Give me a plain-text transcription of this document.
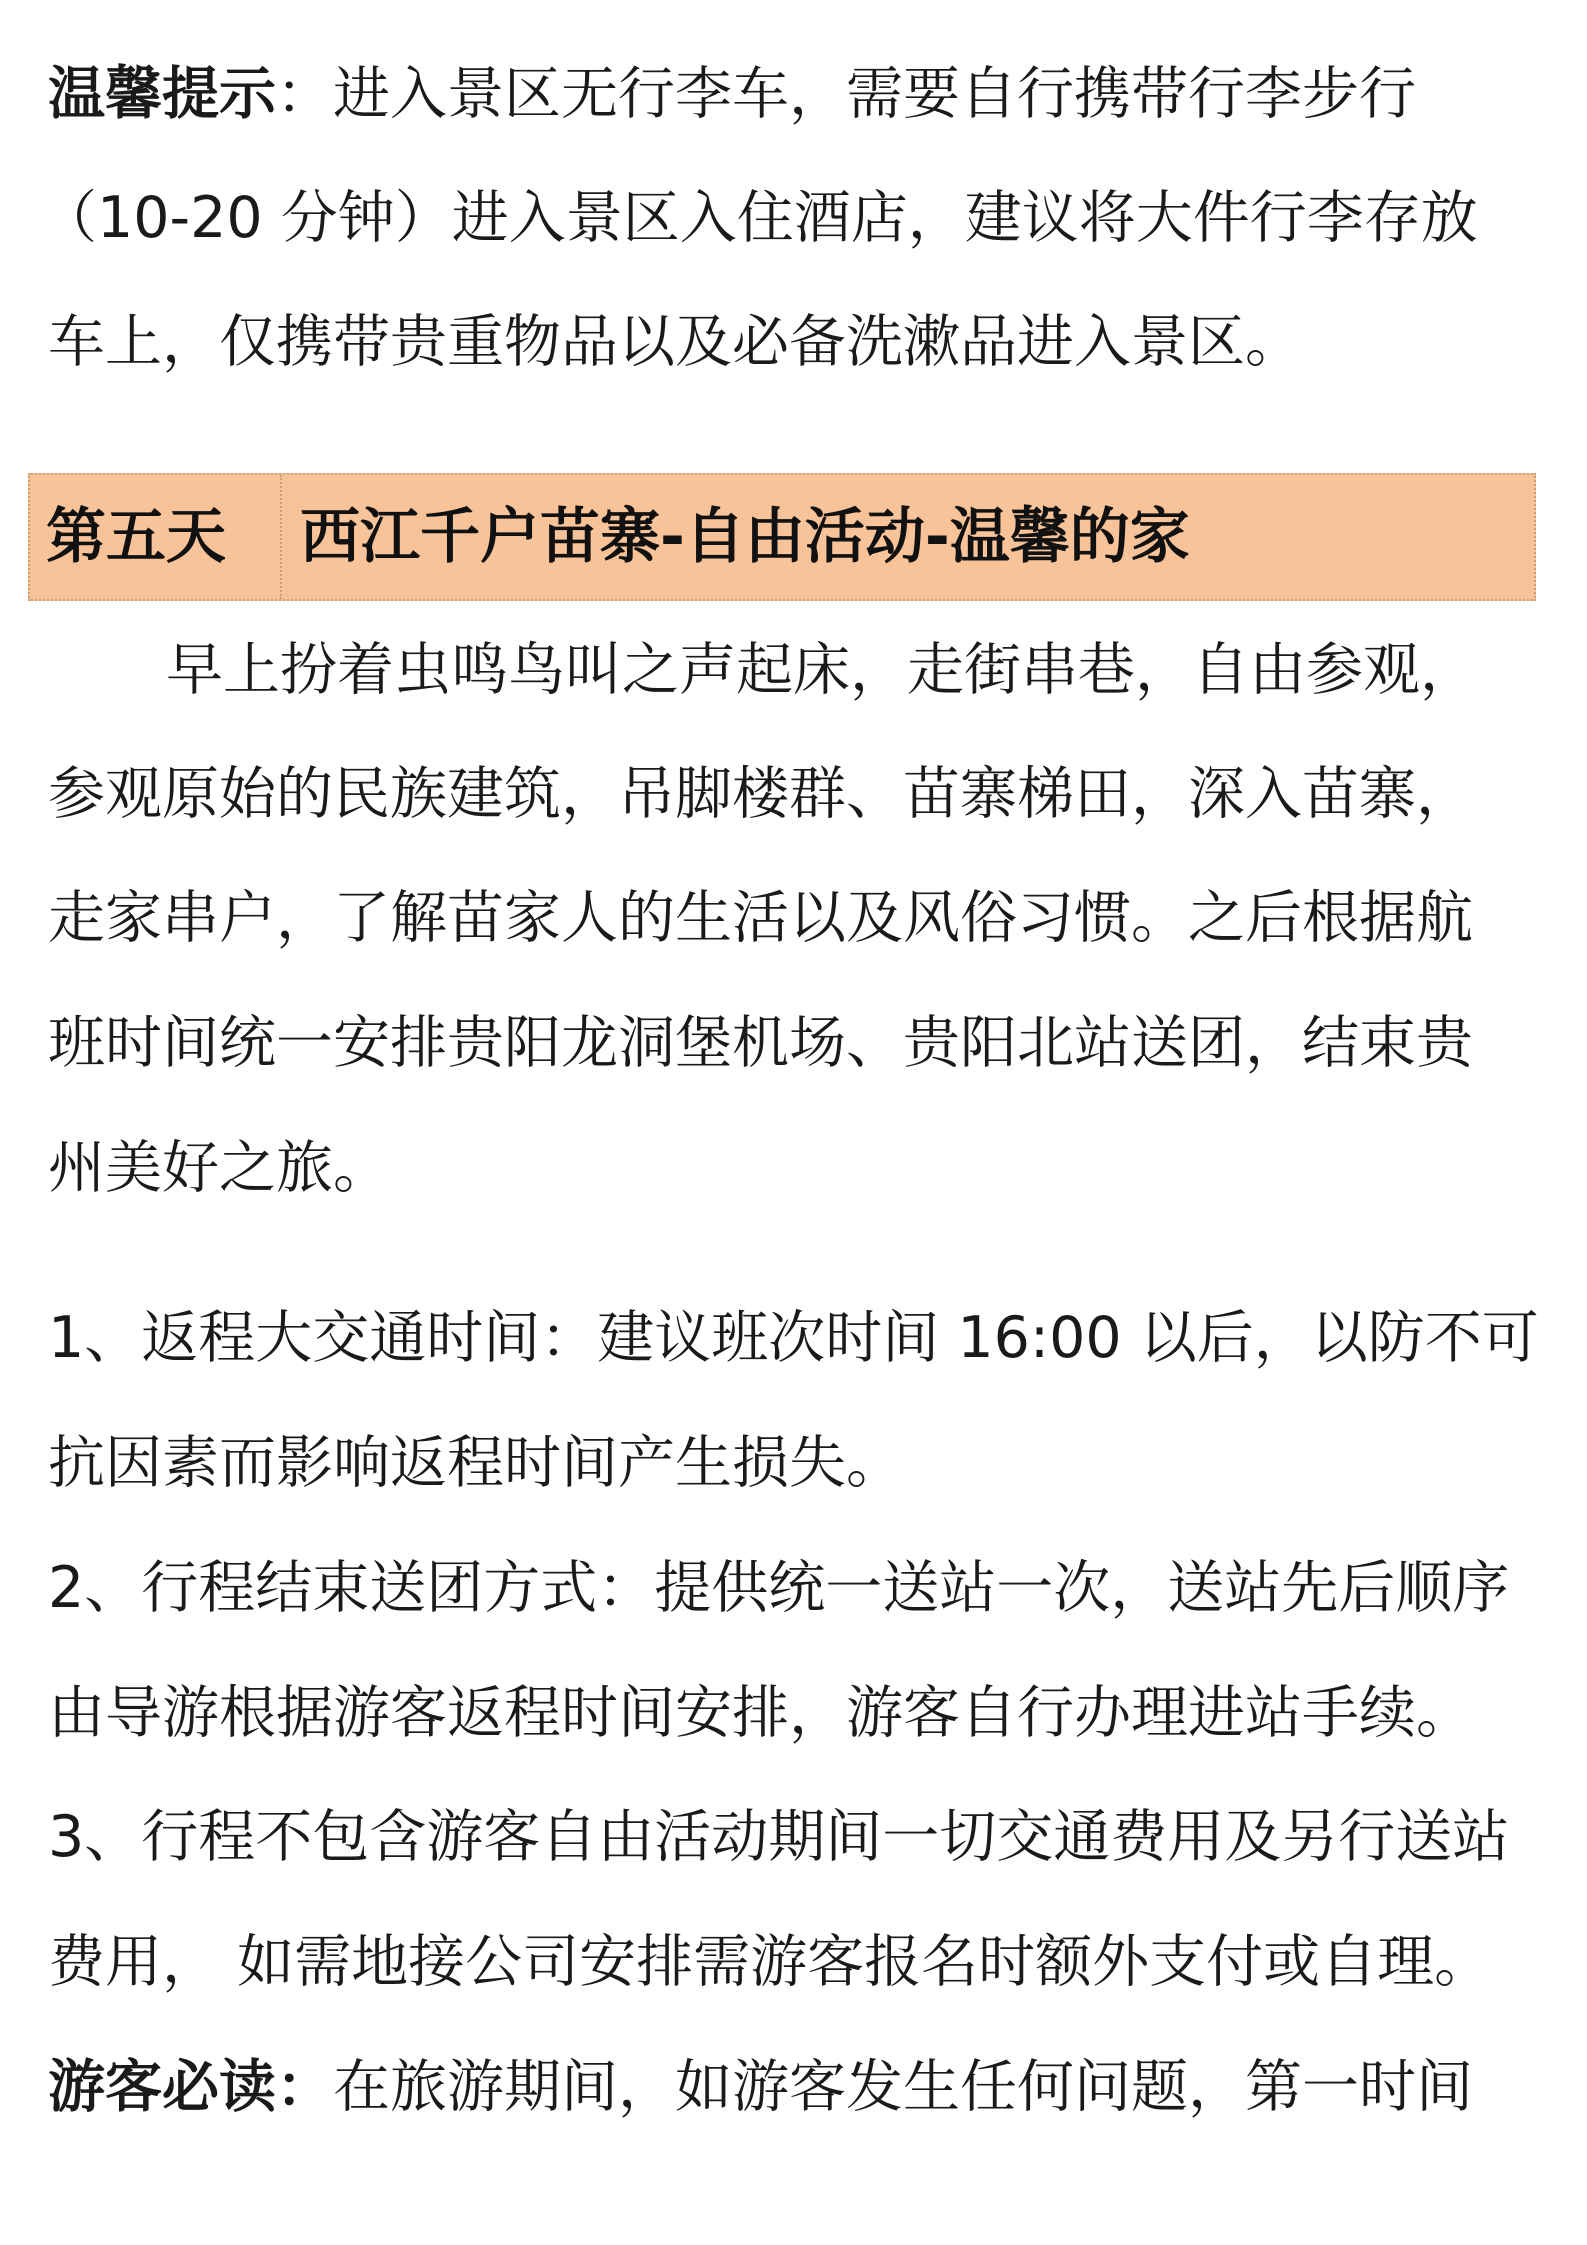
温馨提示：进入景区无行李车，需要自行携带行李步行
（10-20 分钟）进入景区入住酒店，建议将大件行李存放
车上，仅携带贵重物品以及必备洗漱品进入景区。
第五天 西江千户苗寨-自由活动-温馨的家
早上扮着虫鸣鸟叫之声起床，走街串巷，自由参观，
参观原始的民族建筑，吊脚楼群、苗寨梯田，深入苗寨，
走家串户，了解苗家人的生活以及风俗习惯。之后根据航
班时间统一安排贵阳龙洞堡机场、贵阳北站送团，结束贵
州美好之旅。
1、返程大交通时间：建议班次时间 16:00 以后，以防不可
抗因素而影响返程时间产生损失。
2、行程结束送团方式：提供统一送站一次，送站先后顺序
由导游根据游客返程时间安排，游客自行办理进站手续。
3、行程不包含游客自由活动期间一切交通费用及另行送站
费用， 如需地接公司安排需游客报名时额外支付或自理。
游客必读：在旅游期间，如游客发生任何问题，第一时间
